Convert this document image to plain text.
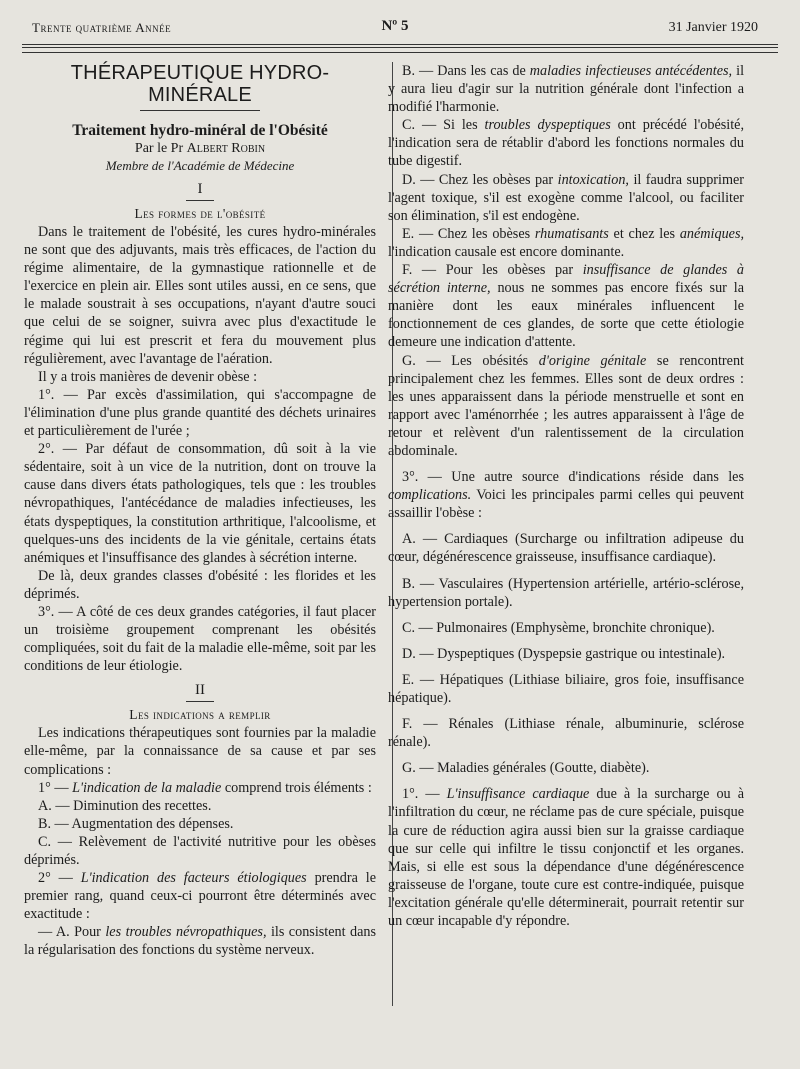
Trente quatrième Année	Nº 5	31 Janvier 1920
THÉRAPEUTIQUE HYDRO-MINÉRALE
Traitement hydro-minéral de l'Obésité
Par le Pr Albert Robin
Membre de l'Académie de Médecine
I
Les formes de l'obésité

Dans le traitement de l'obésité, les cures hydro-minérales ne sont que des adjuvants, mais très efficaces, de l'action du régime alimentaire, de la gymnastique rationnelle et de l'exercice en plein air. Elles sont utiles aussi, en ce sens, que le malade soustrait à ses occupations, n'ayant d'autre souci que celui de se soigner, suivra avec plus d'exactitude le régime qui lui est prescrit et fera du mouvement plus régulièrement, avec l'avantage de l'aération.

Il y a trois manières de devenir obèse :

1°. — Par excès d'assimilation, qui s'accompagne de l'élimination d'une plus grande quantité des déchets urinaires et particulièrement de l'urée ;

2°. — Par défaut de consommation, dû soit à la vie sédentaire, soit à un vice de la nutrition, dont on trouve la cause dans divers états pathologiques, tels que : les troubles névropathiques, l'antécédance de maladies infectieuses, les états dyspeptiques, la constitution arthritique, l'alcoolisme, et quelques-uns des incidents de la vie génitale, certains états anémiques et l'insuffisance des glandes à sécrétion interne.

De là, deux grandes classes d'obésité : les florides et les déprimés.

3°. — A côté de ces deux grandes catégories, il faut placer un troisième groupement comprenant les obésités compliquées, soit du fait de la maladie elle-même, soit par les conditions de leur étiologie.

II
Les indications a remplir

Les indications thérapeutiques sont fournies par la maladie elle-même, par la connaissance de sa cause et par ses complications :

1° — L'indication de la maladie comprend trois éléments :

A. — Diminution des recettes.

B. — Augmentation des dépenses.

C. — Relèvement de l'activité nutritive pour les obèses déprimés.

2° — L'indication des facteurs étiologiques prendra le premier rang, quand ceux-ci pourront être déterminés avec exactitude :

— A. Pour les troubles névropathiques, ils consistent dans la régularisation des fonctions du système nerveux.

B. — Dans les cas de maladies infectieuses antécédentes, il y aura lieu d'agir sur la nutrition générale dont l'infection a modifié l'harmonie.

C. — Si les troubles dyspeptiques ont précédé l'obésité, l'indication sera de rétablir d'abord les fonctions normales du tube digestif.

D. — Chez les obèses par intoxication, il faudra supprimer l'agent toxique, s'il est exogène comme l'alcool, ou faciliter son élimination, s'il est endogène.

E. — Chez les obèses rhumatisants et chez les anémiques, l'indication causale est encore dominante.

F. — Pour les obèses par insuffisance de glandes à sécrétion interne, nous ne sommes pas encore fixés sur la manière dont les eaux minérales influencent le fonctionnement de ces glandes, de sorte que cette étiologie demeure une indication d'attente.

G. — Les obésités d'origine génitale se rencontrent principalement chez les femmes. Elles sont de deux ordres : les unes apparaissent dans la période menstruelle et sont en rapport avec l'aménorrhée ; les autres apparaissent à l'âge de retour et relèvent d'un ralentissement de la circulation abdominale.

3°. — Une autre source d'indications réside dans les complications. Voici les principales parmi celles qui peuvent assaillir l'obèse :

A. — Cardiaques (Surcharge ou infiltration adipeuse du cœur, dégénérescence graisseuse, insuffisance cardiaque).

B. — Vasculaires (Hypertension artérielle, artério-sclérose, hypertension portale).

C. — Pulmonaires (Emphysème, bronchite chronique).

D. — Dyspeptiques (Dyspepsie gastrique ou intestinale).

E. — Hépatiques (Lithiase biliaire, gros foie, insuffisance hépatique).

F. — Rénales (Lithiase rénale, albuminurie, sclérose rénale).

G. — Maladies générales (Goutte, diabète).

1°. — L'insuffisance cardiaque due à la surcharge ou à l'infiltration du cœur, ne réclame pas de cure spéciale, puisque la cure de réduction agira aussi bien sur la graisse cardiaque que sur celle qui infiltre le tissu conjonctif et les organes. Mais, si elle est sous la dépendance d'une dégénérescence graisseuse de l'organe, toute cure est contre-indiquée, puisque l'excitation générale qu'elle déterminerait, pourrait retentir sur un cœur incapable d'y répondre.
